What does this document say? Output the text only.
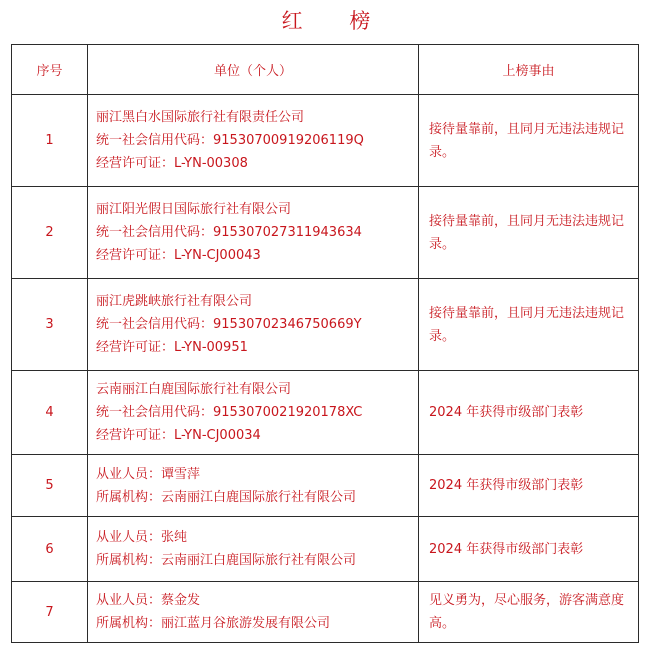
红 榜
序号	单位（个人）	上榜事由
1	丽江黑白水国际旅行社有限责任公司
统一社会信用代码：91530700919206119Q
经营许可证：L-YN-00308	接待量靠前，且同月无违法违规记录。
2	丽江阳光假日国际旅行社有限公司
统一社会信用代码：915307027311943634
经营许可证：L-YN-CJ00043	接待量靠前，且同月无违法违规记录。
3	丽江虎跳峡旅行社有限公司
统一社会信用代码：91530702346750669Y
经营许可证：L-YN-00951	接待量靠前，且同月无违法违规记录。
4	云南丽江白鹿国际旅行社有限公司
统一社会信用代码：9153070021920178XC
经营许可证：L-YN-CJ00034	2024 年获得市级部门表彰
5	从业人员：谭雪萍
所属机构：云南丽江白鹿国际旅行社有限公司	2024 年获得市级部门表彰
6	从业人员：张纯
所属机构：云南丽江白鹿国际旅行社有限公司	2024 年获得市级部门表彰
7	从业人员：蔡金发
所属机构：丽江蓝月谷旅游发展有限公司	见义勇为，尽心服务，游客满意度高。
